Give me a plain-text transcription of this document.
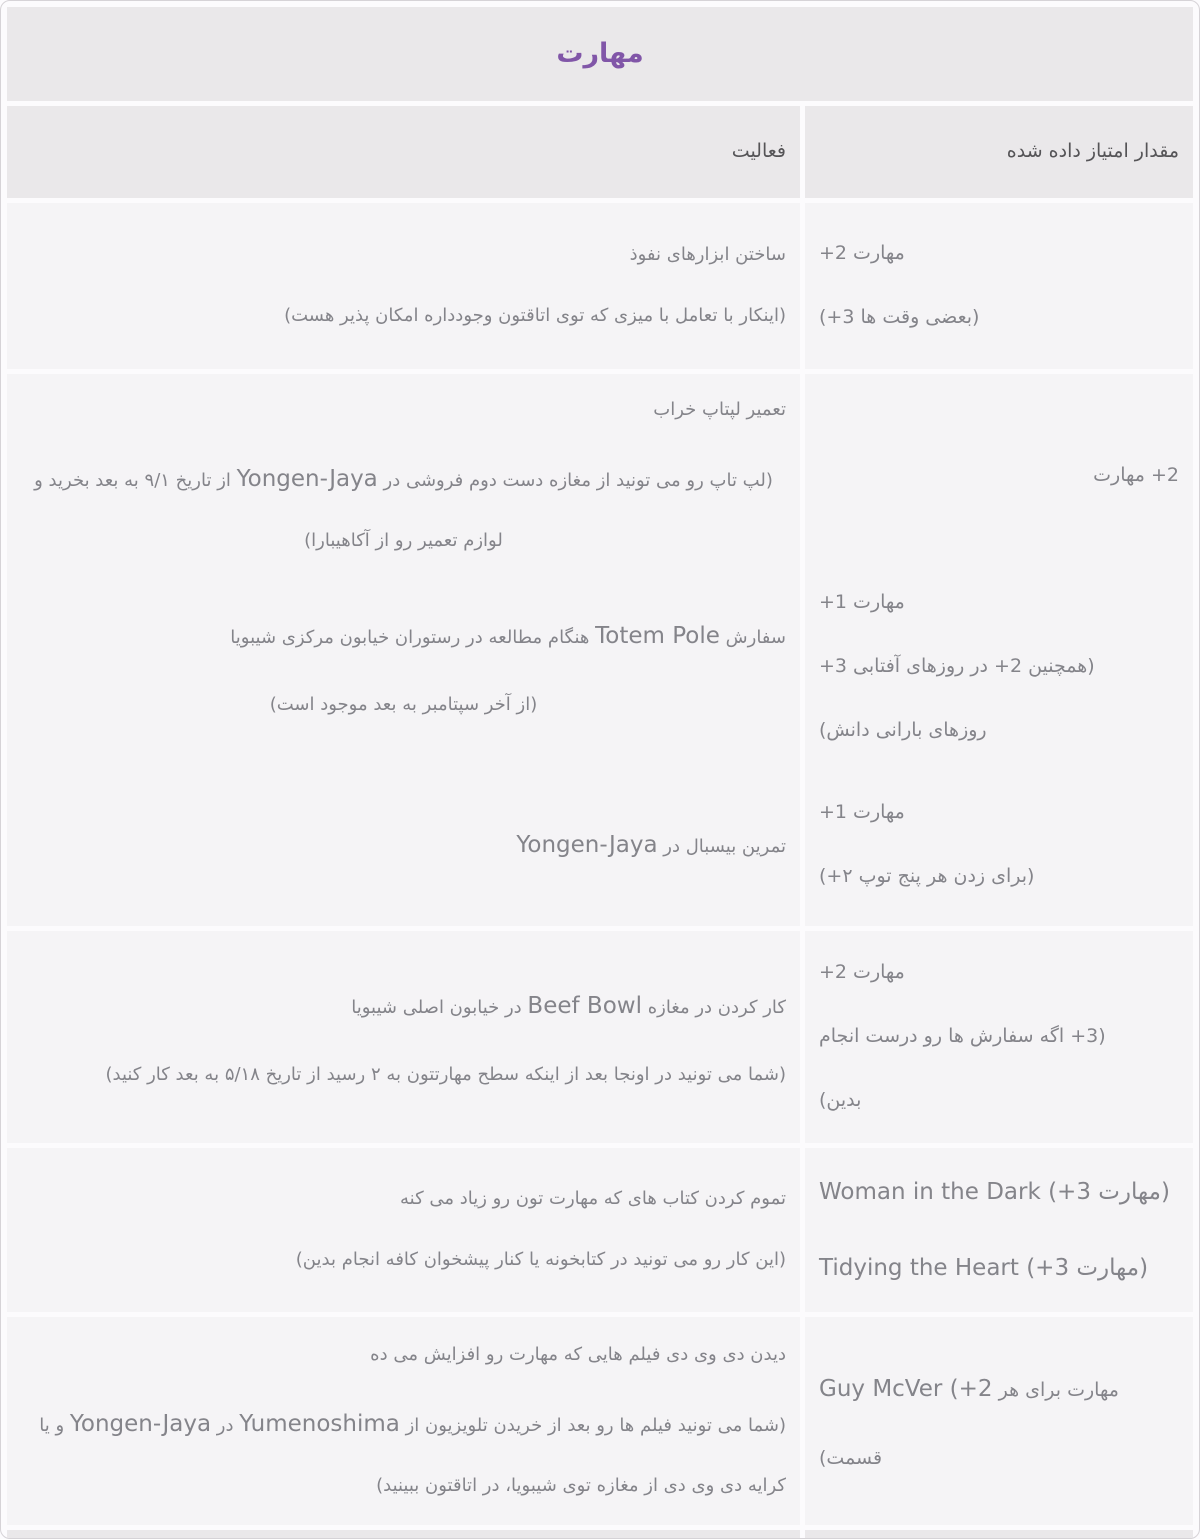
مهارت

مقدار امتیاز داده شده

فعالیت

مهارت 2+

(بعضی وقت ها 3+)

ساختن ابزارهای نفوذ

(اینکار با تعامل با میزی که توی اتاقتون وجودداره امکان پذیر هست)

2+ مهارت

تعمیر لپتاپ خراب

(لپ تاپ رو می تونید از مغازه دست دوم فروشی در Yongen-Jaya از تاریخ ۹/۱ به بعد بخرید و لوازم تعمیر رو از آکاهیبارا)

مهارت 1+

(همچنین 2+ در روزهای آفتابی 3+

روزهای بارانی دانش)

سفارش Totem Pole هنگام مطالعه در رستوران خیابون مرکزی شیبویا

(از آخر سپتامبر به بعد موجود است)

مهارت 1+

(برای زدن هر پنج توپ ۲+)

تمرین بیسبال در Yongen-Jaya

مهارت 2+

(3+ اگه سفارش ها رو درست انجام

بدین)

کار کردن در مغازه Beef Bowl در خیابون اصلی شیبویا

(شما می تونید در اونجا بعد از اینکه سطح مهارتتون به ۲ رسید از تاریخ ۵/۱۸ به بعد کار کنید)

Woman in the Dark (+3 مهارت)

Tidying the Heart (+3 مهارت)

تموم کردن کتاب های که مهارت تون رو زیاد می کنه

(این کار رو می تونید در کتابخونه یا کنار پیشخوان کافه انجام بدین)

مهارت برای هر Guy McVer (+2

قسمت)

دیدن دی وی دی فیلم هایی که مهارت رو افزایش می ده

(شما می تونید فیلم ها رو بعد از خریدن تلویزیون از Yumenoshima در Yongen-Jaya و یا کرایه دی وی دی از مغازه توی شیبویا، در اتاقتون ببینید)
